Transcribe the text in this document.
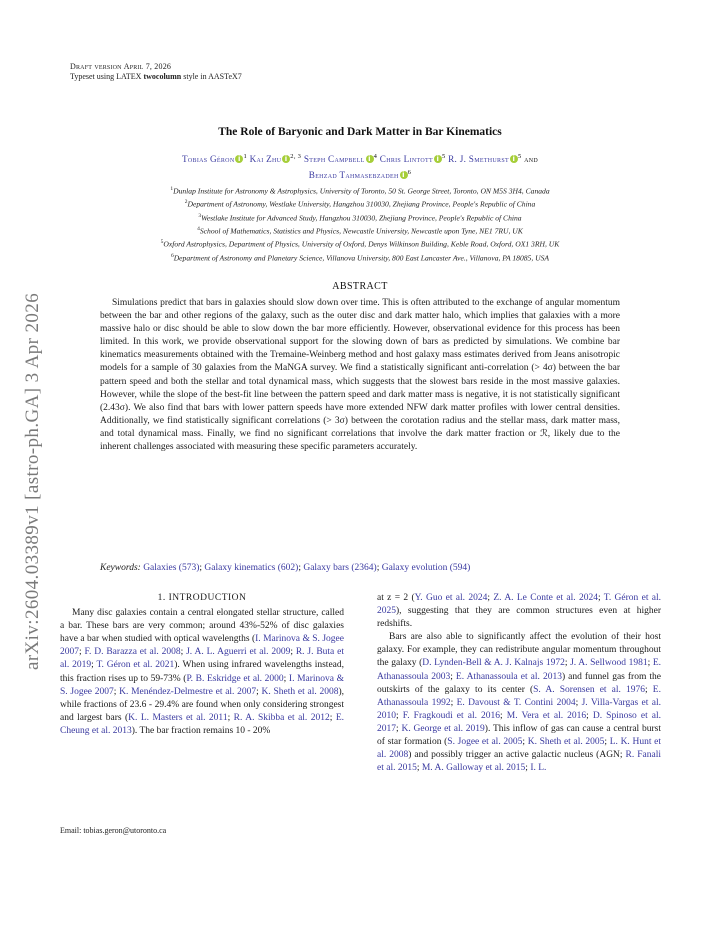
Draft version April 7, 2026
Typeset using LATEX twocolumn style in AASTeX7
arXiv:2604.03389v1 [astro-ph.GA] 3 Apr 2026
The Role of Baryonic and Dark Matter in Bar Kinematics
Tobias Géron i $^1$ Kai Zhu i $^{2, 3}$ Steph Campbell i $^4$ Chris Lintott i $^5$ R. J. Smethurst i $^5$ and
Behzad Tahmasebzadeh i $^6$
$^1$Dunlap Institute for Astronomy & Astrophysics, University of Toronto, 50 St. George Street, Toronto, ON M5S 3H4, Canada
$^2$Department of Astronomy, Westlake University, Hangzhou 310030, Zhejiang Province, People's Republic of China
$^3$Westlake Institute for Advanced Study, Hangzhou 310030, Zhejiang Province, People's Republic of China
$^4$School of Mathematics, Statistics and Physics, Newcastle University, Newcastle upon Tyne, NE1 7RU, UK
$^5$Oxford Astrophysics, Department of Physics, University of Oxford, Denys Wilkinson Building, Keble Road, Oxford, OX1 3RH, UK
$^6$Department of Astronomy and Planetary Science, Villanova University, 800 East Lancaster Ave., Villanova, PA 18085, USA
ABSTRACT
Simulations predict that bars in galaxies should slow down over time. This is often attributed to the exchange of angular momentum between the bar and other regions of the galaxy, such as the outer disc and dark matter halo, which implies that galaxies with a more massive halo or disc should be able to slow down the bar more efficiently. However, observational evidence for this process has been limited. In this work, we provide observational support for the slowing down of bars as predicted by simulations. We combine bar kinematics measurements obtained with the Tremaine-Weinberg method and host galaxy mass estimates derived from Jeans anisotropic models for a sample of 30 galaxies from the MaNGA survey. We find a statistically significant anti-correlation (> 4σ) between the bar pattern speed and both the stellar and total dynamical mass, which suggests that the slowest bars reside in the most massive galaxies. However, while the slope of the best-fit line between the pattern speed and dark matter mass is negative, it is not statistically significant (2.43σ). We also find that bars with lower pattern speeds have more extended NFW dark matter profiles with lower central densities. Additionally, we find statistically significant correlations (> 3σ) between the corotation radius and the stellar mass, dark matter mass, and total dynamical mass. Finally, we find no significant correlations that involve the dark matter fraction or ℛ, likely due to the inherent challenges associated with measuring these specific parameters accurately.
Keywords: Galaxies (573); Galaxy kinematics (602); Galaxy bars (2364); Galaxy evolution (594)
1. INTRODUCTION

Many disc galaxies contain a central elongated stellar structure, called a bar. These bars are very common; around 43%-52% of disc galaxies have a bar when studied with optical wavelengths (I. Marinova & S. Jogee 2007; F. D. Barazza et al. 2008; J. A. L. Aguerri et al. 2009; R. J. Buta et al. 2019; T. Géron et al. 2021). When using infrared wavelengths instead, this fraction rises up to 59-73% (P. B. Eskridge et al. 2000; I. Marinova & S. Jogee 2007; K. Menéndez-Delmestre et al. 2007; K. Sheth et al. 2008), while fractions of 23.6 - 29.4% are found when only considering strongest and largest bars (K. L. Masters et al. 2011; R. A. Skibba et al. 2012; E. Cheung et al. 2013). The bar fraction remains 10 - 20%

at z = 2 (Y. Guo et al. 2024; Z. A. Le Conte et al. 2024; T. Géron et al. 2025), suggesting that they are common structures even at higher redshifts.

Bars are also able to significantly affect the evolution of their host galaxy. For example, they can redistribute angular momentum throughout the galaxy (D. Lynden-Bell & A. J. Kalnajs 1972; J. A. Sellwood 1981; E. Athanassoula 2003; E. Athanassoula et al. 2013) and funnel gas from the outskirts of the galaxy to its center (S. A. Sorensen et al. 1976; E. Athanassoula 1992; E. Davoust & T. Contini 2004; J. Villa-Vargas et al. 2010; F. Fragkoudi et al. 2016; M. Vera et al. 2016; D. Spinoso et al. 2017; K. George et al. 2019). This inflow of gas can cause a central burst of star formation (S. Jogee et al. 2005; K. Sheth et al. 2005; L. K. Hunt et al. 2008) and possibly trigger an active galactic nucleus (AGN; R. Fanali et al. 2015; M. A. Galloway et al. 2015; I. L.

Email: tobias.geron@utoronto.ca
